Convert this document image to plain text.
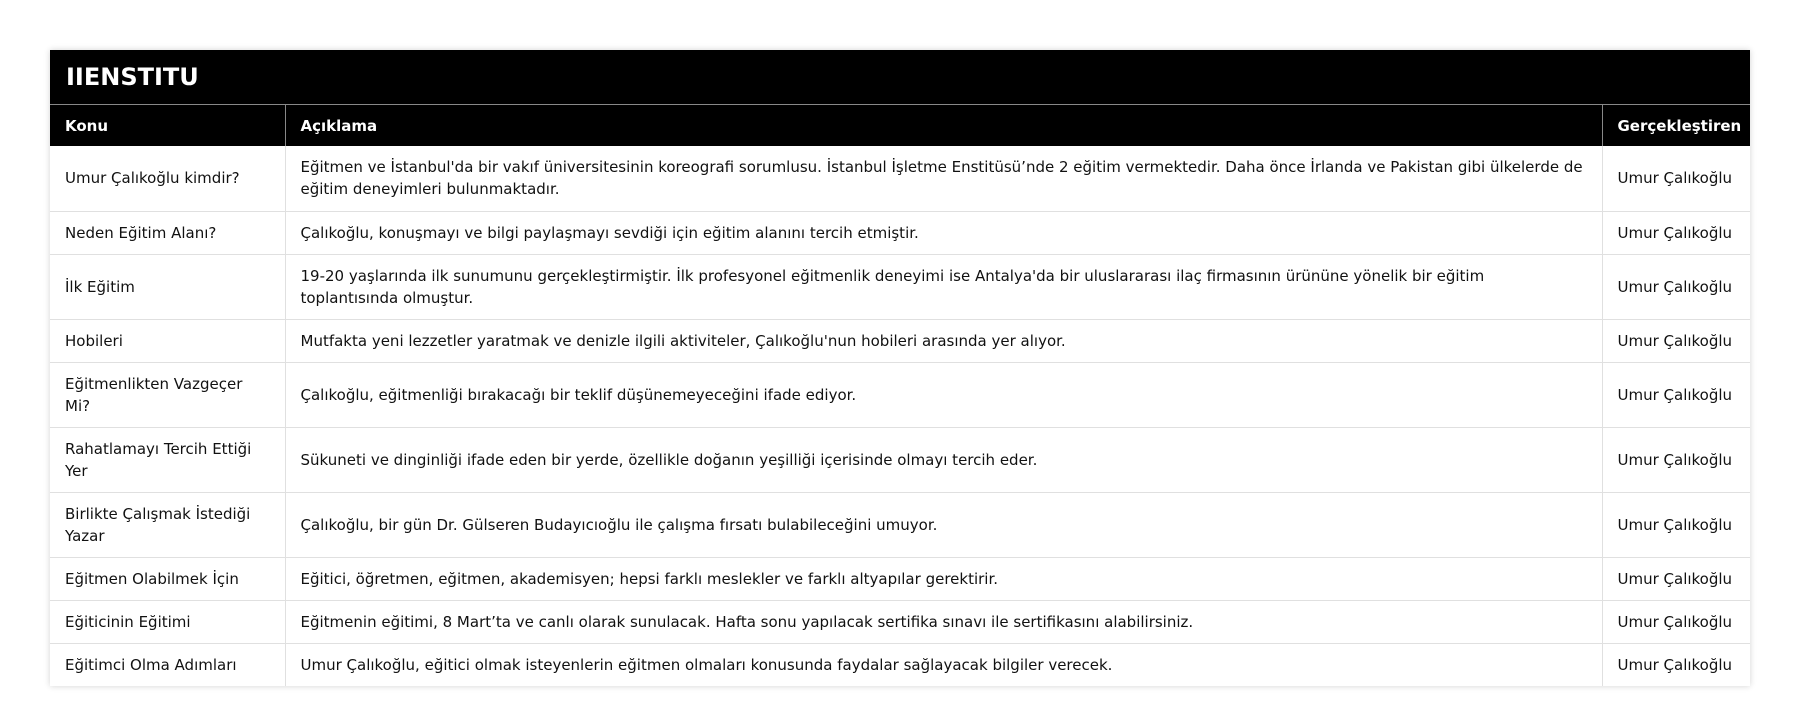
IIENSTITU
Konu	Açıklama	Gerçekleştiren
Umur Çalıkoğlu kimdir?	Eğitmen ve İstanbul'da bir vakıf üniversitesinin koreografi sorumlusu. İstanbul İşletme Enstitüsü’nde 2 eğitim vermektedir. Daha önce İrlanda ve Pakistan gibi ülkelerde de eğitim deneyimleri bulunmaktadır.	Umur Çalıkoğlu
Neden Eğitim Alanı?	Çalıkoğlu, konuşmayı ve bilgi paylaşmayı sevdiği için eğitim alanını tercih etmiştir.	Umur Çalıkoğlu
İlk Eğitim	19-20 yaşlarında ilk sunumunu gerçekleştirmiştir. İlk profesyonel eğitmenlik deneyimi ise Antalya'da bir uluslararası ilaç firmasının ürününe yönelik bir eğitim toplantısında olmuştur.	Umur Çalıkoğlu
Hobileri	Mutfakta yeni lezzetler yaratmak ve denizle ilgili aktiviteler, Çalıkoğlu'nun hobileri arasında yer alıyor.	Umur Çalıkoğlu
Eğitmenlikten Vazgeçer Mi?	Çalıkoğlu, eğitmenliği bırakacağı bir teklif düşünemeyeceğini ifade ediyor.	Umur Çalıkoğlu
Rahatlamayı Tercih Ettiği Yer	Sükuneti ve dinginliği ifade eden bir yerde, özellikle doğanın yeşilliği içerisinde olmayı tercih eder.	Umur Çalıkoğlu
Birlikte Çalışmak İstediği Yazar	Çalıkoğlu, bir gün Dr. Gülseren Budayıcıoğlu ile çalışma fırsatı bulabileceğini umuyor.	Umur Çalıkoğlu
Eğitmen Olabilmek İçin	Eğitici, öğretmen, eğitmen, akademisyen; hepsi farklı meslekler ve farklı altyapılar gerektirir.	Umur Çalıkoğlu
Eğiticinin Eğitimi	Eğitmenin eğitimi, 8 Mart’ta ve canlı olarak sunulacak. Hafta sonu yapılacak sertifika sınavı ile sertifikasını alabilirsiniz.	Umur Çalıkoğlu
Eğitimci Olma Adımları	Umur Çalıkoğlu, eğitici olmak isteyenlerin eğitmen olmaları konusunda faydalar sağlayacak bilgiler verecek.	Umur Çalıkoğlu
